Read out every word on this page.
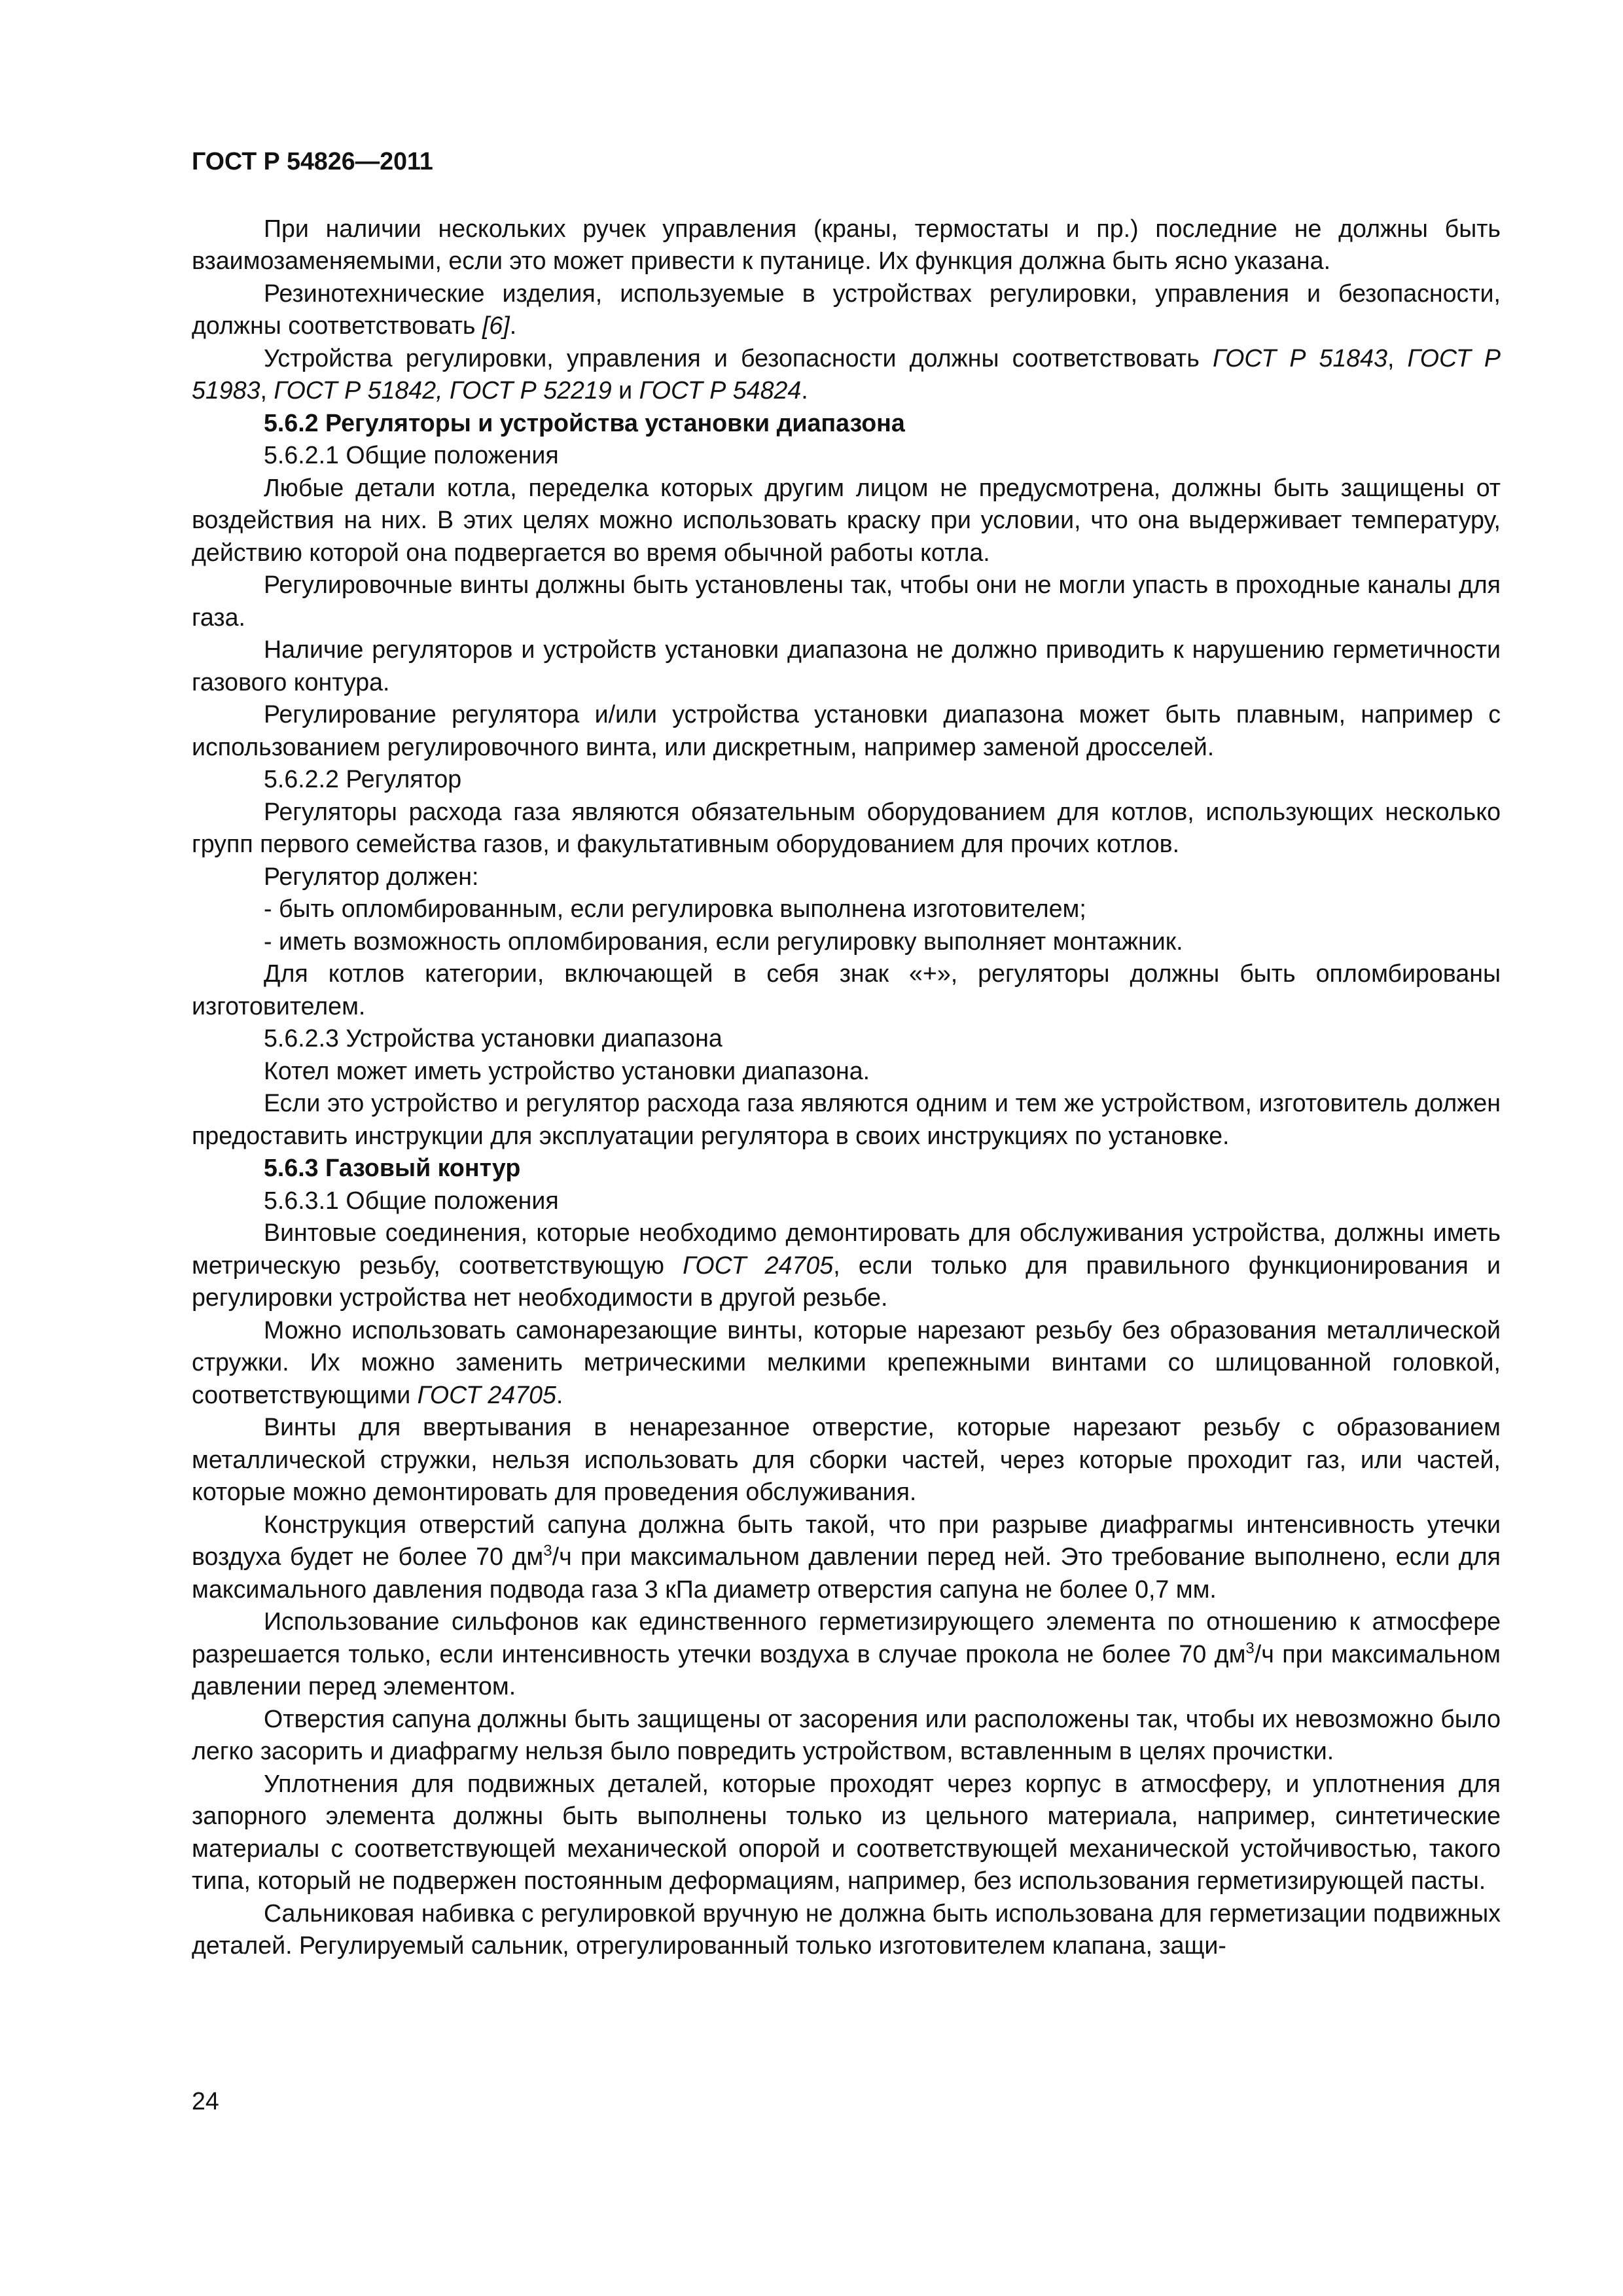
ГОСТ Р 54826—2011

При наличии нескольких ручек управления (краны, термостаты и пр.) последние не должны быть взаимозаменяемыми, если это может привести к путанице. Их функция должна быть ясно указана.

Резинотехнические изделия, используемые в устройствах регулировки, управления и безопасности, должны соответствовать [6].

Устройства регулировки, управления и безопасности должны соответствовать ГОСТ Р 51843, ГОСТ Р 51983, ГОСТ Р 51842, ГОСТ Р 52219 и ГОСТ Р 54824.

5.6.2 Регуляторы и устройства установки диапазона

5.6.2.1 Общие положения

Любые детали котла, переделка которых другим лицом не предусмотрена, должны быть защищены от воздействия на них. В этих целях можно использовать краску при условии, что она выдерживает температуру, действию которой она подвергается во время обычной работы котла.

Регулировочные винты должны быть установлены так, чтобы они не могли упасть в проходные каналы для газа.

Наличие регуляторов и устройств установки диапазона не должно приводить к нарушению герметичности газового контура.

Регулирование регулятора и/или устройства установки диапазона может быть плавным, например с использованием регулировочного винта, или дискретным, например заменой дросселей.

5.6.2.2 Регулятор

Регуляторы расхода газа являются обязательным оборудованием для котлов, использующих несколько групп первого семейства газов, и факультативным оборудованием для прочих котлов.

Регулятор должен:

- быть опломбированным, если регулировка выполнена изготовителем;

- иметь возможность опломбирования, если регулировку выполняет монтажник.

Для котлов категории, включающей в себя знак «+», регуляторы должны быть опломбированы изготовителем.

5.6.2.3 Устройства установки диапазона

Котел может иметь устройство установки диапазона.

Если это устройство и регулятор расхода газа являются одним и тем же устройством, изготовитель должен предоставить инструкции для эксплуатации регулятора в своих инструкциях по установке.

5.6.3 Газовый контур

5.6.3.1 Общие положения

Винтовые соединения, которые необходимо демонтировать для обслуживания устройства, должны иметь метрическую резьбу, соответствующую ГОСТ 24705, если только для правильного функционирования и регулировки устройства нет необходимости в другой резьбе.

Можно использовать самонарезающие винты, которые нарезают резьбу без образования металлической стружки. Их можно заменить метрическими мелкими крепежными винтами со шлицованной головкой, соответствующими ГОСТ 24705.

Винты для ввертывания в ненарезанное отверстие, которые нарезают резьбу с образованием металлической стружки, нельзя использовать для сборки частей, через которые проходит газ, или частей, которые можно демонтировать для проведения обслуживания.

Конструкция отверстий сапуна должна быть такой, что при разрыве диафрагмы интенсивность утечки воздуха будет не более 70 $дм^3/ч$ при максимальном давлении перед ней. Это требование выполнено, если для максимального давления подвода газа 3 кПа диаметр отверстия сапуна не более 0,7 мм.

Использование сильфонов как единственного герметизирующего элемента по отношению к атмосфере разрешается только, если интенсивность утечки воздуха в случае прокола не более 70 $дм^3/ч$ при максимальном давлении перед элементом.

Отверстия сапуна должны быть защищены от засорения или расположены так, чтобы их невозможно было легко засорить и диафрагму нельзя было повредить устройством, вставленным в целях прочистки.

Уплотнения для подвижных деталей, которые проходят через корпус в атмосферу, и уплотнения для запорного элемента должны быть выполнены только из цельного материала, например, синтетические материалы с соответствующей механической опорой и соответствующей механической устойчивостью, такого типа, который не подвержен постоянным деформациям, например, без использования герметизирующей пасты.

Сальниковая набивка с регулировкой вручную не должна быть использована для герметизации подвижных деталей. Регулируемый сальник, отрегулированный только изготовителем клапана, защи-

24
